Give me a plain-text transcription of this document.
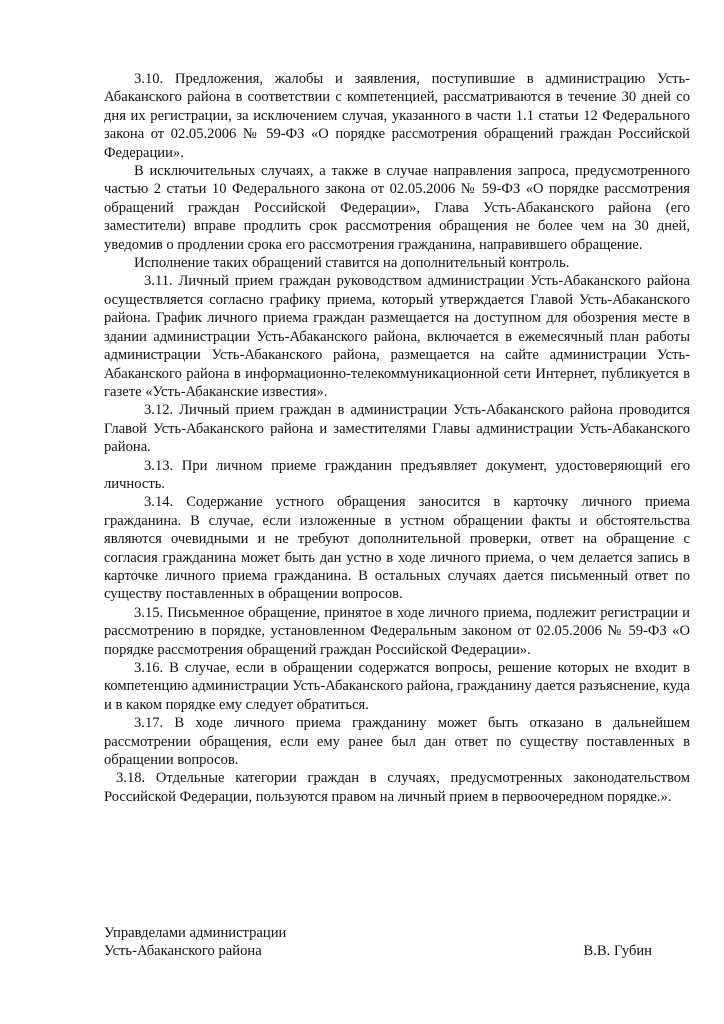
3.10. Предложения, жалобы и заявления, поступившие в администрацию Усть-Абаканского района в соответствии с компетенцией, рассматриваются в течение 30 дней со дня их регистрации, за исключением случая, указанного в части 1.1 статьи 12 Федерального закона от 02.05.2006 № 59-ФЗ «О порядке рассмотрения обращений граждан Российской Федерации».

В исключительных случаях, а также в случае направления запроса, предусмотренного частью 2 статьи 10 Федерального закона от 02.05.2006 № 59-ФЗ «О порядке рассмотрения обращений граждан Российской Федерации», Глава Усть-Абаканского района (его заместители) вправе продлить срок рассмотрения обращения не более чем на 30 дней, уведомив о продлении срока его рассмотрения гражданина, направившего обращение.

Исполнение таких обращений ставится на дополнительный контроль.

3.11. Личный прием граждан руководством администрации Усть-Абаканского района осуществляется согласно графику приема, который утверждается Главой Усть-Абаканского района. График личного приема граждан размещается на доступном для обозрения месте в здании администрации Усть-Абаканского района, включается в ежемесячный план работы администрации Усть-Абаканского района, размещается на сайте администрации Усть-Абаканского района в информационно-телекоммуникационной сети Интернет, публикуется в газете «Усть-Абаканские известия».

3.12. Личный прием граждан в администрации Усть-Абаканского района проводится Главой Усть-Абаканского района и заместителями Главы администрации Усть-Абаканского района.

3.13. При личном приеме гражданин предъявляет документ, удостоверяющий его личность.

3.14. Содержание устного обращения заносится в карточку личного приема гражданина. В случае, если изложенные в устном обращении факты и обстоятельства являются очевидными и не требуют дополнительной проверки, ответ на обращение с согласия гражданина может быть дан устно в ходе личного приема, о чем делается запись в карточке личного приема гражданина. В остальных случаях дается письменный ответ по существу поставленных в обращении вопросов.

3.15. Письменное обращение, принятое в ходе личного приема, подлежит регистрации и рассмотрению в порядке, установленном Федеральным законом от 02.05.2006 № 59-ФЗ «О порядке рассмотрения обращений граждан Российской Федерации».

3.16. В случае, если в обращении содержатся вопросы, решение которых не входит в компетенцию администрации Усть-Абаканского района, гражданину дается разъяснение, куда и в каком порядке ему следует обратиться.

3.17. В ходе личного приема гражданину может быть отказано в дальнейшем рассмотрении обращения, если ему ранее был дан ответ по существу поставленных в обращении вопросов.

3.18. Отдельные категории граждан в случаях, предусмотренных законодательством Российской Федерации, пользуются правом на личный прием в первоочередном порядке.».

Управделами администрации
Усть-Абаканского района	В.В. Губин
